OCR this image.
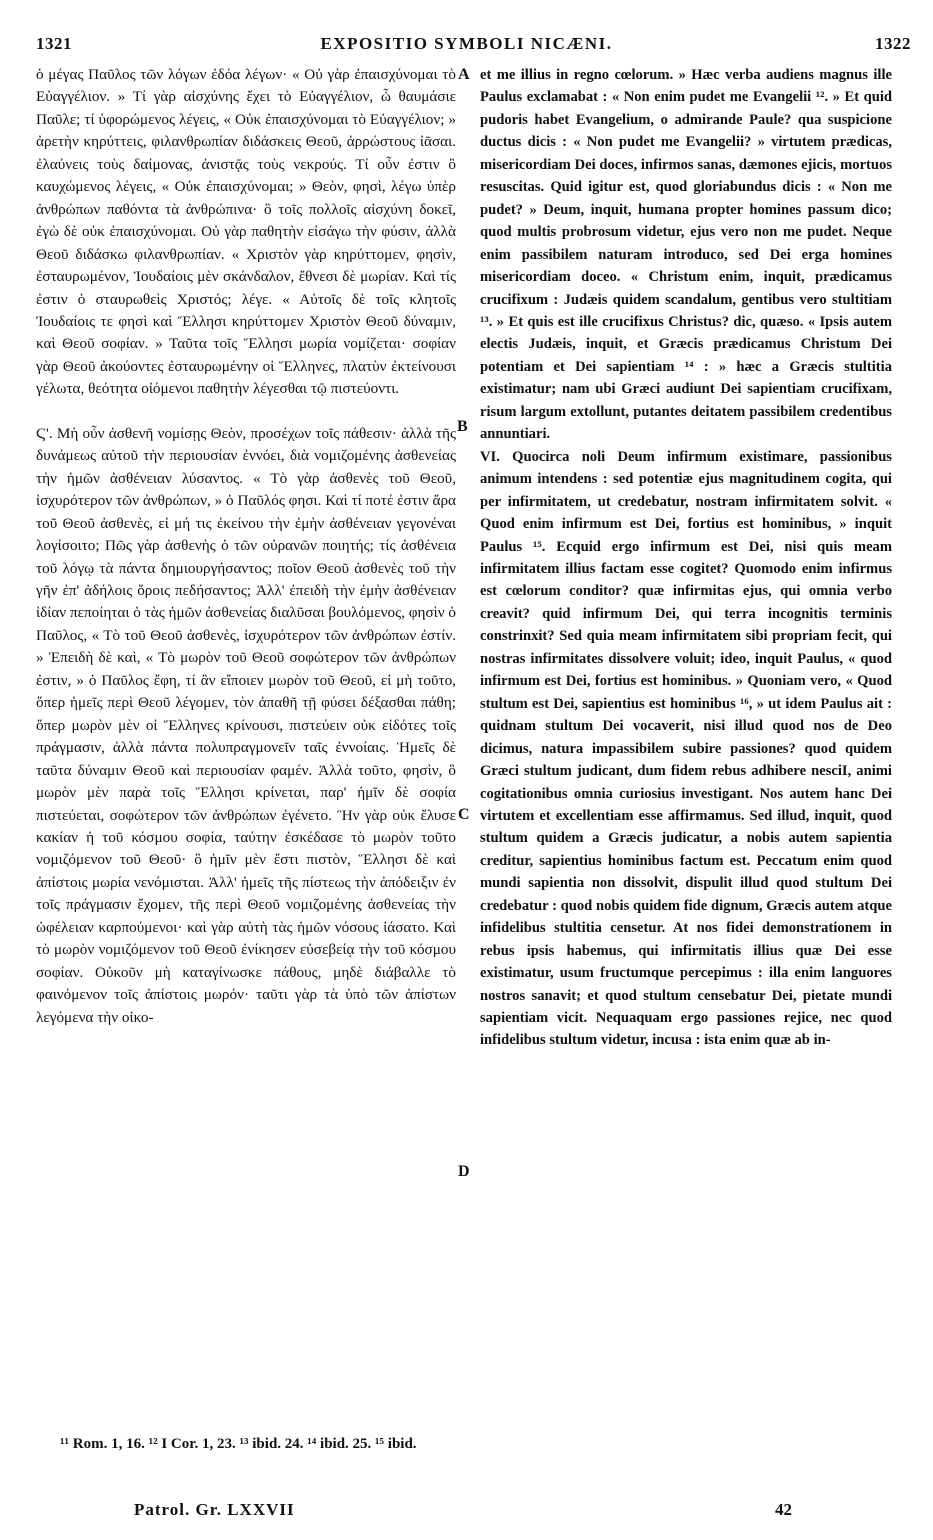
1321	EXPOSITIO SYMBOLI NICÆNI.	1322

ὁ μέγας Παῦλος τῶν λόγων ἐδόα λέγων· « Οὐ γὰρ ἐπαισχύνομαι τὸ Εὐαγγέλιον. » Τί γὰρ αἰσχύνης ἔχει τὸ Εὐαγγέλιον, ὦ θαυμάσιε Παῦλε; τί ὑφορώμενος λέγεις, « Οὐκ ἐπαισχύνομαι τὸ Εὐαγγέλιον; » ἀρετὴν κηρύττεις, φιλανθρωπίαν διδάσκεις Θεοῦ, ἀρρώστους ἰᾶσαι. ἐλαύνεις τοὺς δαίμονας, ἀνιστᾷς τοὺς νεκρούς. Τί οὖν ἐστιν ὃ καυχώμενος λέγεις, « Οὐκ ἐπαισχύνομαι; » Θεὸν, φησὶ, λέγω ὑπὲρ ἀνθρώπων παθόντα τὰ ἀνθρώπινα· ὃ τοῖς πολλοῖς αἰσχύνη δοκεῖ, ἐγὼ δὲ οὐκ ἐπαισχύνομαι. Οὐ γὰρ παθητὴν εἰσάγω τὴν φύσιν, ἀλλὰ Θεοῦ διδάσκω φιλανθρωπίαν. « Χριστὸν γὰρ κηρύττομεν, φησὶν, ἐσταυρωμένον, Ἰουδαίοις μὲν σκάνδαλον, ἔθνεσι δὲ μωρίαν. Καὶ τίς ἐστιν ὁ σταυρωθεὶς Χριστός; λέγε. « Αὐτοῖς δὲ τοῖς κλητοῖς Ἰουδαίοις τε φησὶ καὶ Ἕλλησι κηρύττομεν Χριστὸν Θεοῦ δύναμιν, καὶ Θεοῦ σοφίαν. » Ταῦτα τοῖς Ἕλλησι μωρία νομίζεται· σοφίαν γὰρ Θεοῦ ἀκούοντες ἐσταυρωμένην οἱ Ἕλληνες, πλατὺν ἐκτείνουσι γέλωτα, θεότητα οἰόμενοι παθητὴν λέγεσθαι τῷ πιστεύοντι.

Ϛ'. Μὴ οὖν ἀσθενῆ νομίσῃς Θεὸν, προσέχων τοῖς πάθεσιν· ἀλλὰ τῆς δυνάμεως αὐτοῦ τὴν περιουσίαν ἐννόει, διὰ νομιζομένης ἀσθενείας τὴν ἡμῶν ἀσθένειαν λύσαντος. « Τὸ γὰρ ἀσθενὲς τοῦ Θεοῦ, ἰσχυρότερον τῶν ἀνθρώπων, » ὁ Παῦλός φησι. Καὶ τί ποτέ ἐστιν ἄρα τοῦ Θεοῦ ἀσθενὲς, εἰ μή τις ἐκείνου τὴν ἐμὴν ἀσθένειαν γεγονέναι λογίσοιτο; Πῶς γὰρ ἀσθενὴς ὁ τῶν οὐρανῶν ποιητής; τίς ἀσθένεια τοῦ λόγῳ τὰ πάντα δημιουργήσαντος; ποῖον Θεοῦ ἀσθενὲς τοῦ τὴν γῆν ἐπ' ἀδήλοις ὅροις πεδήσαντος; Ἀλλ' ἐπειδὴ τὴν ἐμὴν ἀσθένειαν ἰδίαν πεποίηται ὁ τὰς ἡμῶν ἀσθενείας διαλῦσαι βουλόμενος, φησὶν ὁ Παῦλος, « Τὸ τοῦ Θεοῦ ἀσθενὲς, ἰσχυρότερον τῶν ἀνθρώπων ἐστίν. » Ἐπειδὴ δὲ καὶ, « Τὸ μωρὸν τοῦ Θεοῦ σοφώτερον τῶν ἀνθρώπων ἐστιν, » ὁ Παῦλος ἔφη, τί ἂν εἴποιεν μωρὸν τοῦ Θεοῦ, εἰ μὴ τοῦτο, ὅπερ ἡμεῖς περὶ Θεοῦ λέγομεν, τὸν ἀπαθῆ τῇ φύσει δέξασθαι πάθη; ὅπερ μωρὸν μὲν οἱ Ἕλληνες κρίνουσι, πιστεύειν οὐκ εἰδότες τοῖς πράγμασιν, ἀλλὰ πάντα πολυπραγμονεῖν ταῖς ἐννοίαις. Ἡμεῖς δὲ ταῦτα δύναμιν Θεοῦ καὶ περιουσίαν φαμέν. Ἀλλὰ τοῦτο, φησὶν, ὃ μωρὸν μὲν παρὰ τοῖς Ἕλλησι κρίνεται, παρ' ἡμῖν δὲ σοφία πιστεύεται, σοφώτερον τῶν ἀνθρώπων ἐγένετο. Ἣν γὰρ οὐκ ἔλυσε κακίαν ἡ τοῦ κόσμου σοφία, ταύτην ἐσκέδασε τὸ μωρὸν τοῦτο νομιζόμενον τοῦ Θεοῦ· ὃ ἡμῖν μὲν ἔστι πιστὸν, Ἕλλησι δὲ καὶ ἀπίστοις μωρία νενόμισται. Ἀλλ' ἡμεῖς τῆς πίστεως τὴν ἀπόδειξιν ἐν τοῖς πράγμασιν ἔχομεν, τῆς περὶ Θεοῦ νομιζομένης ἀσθενείας τὴν ὠφέλειαν καρπούμενοι· καὶ γὰρ αὐτὴ τὰς ἡμῶν νόσους ἰάσατο. Καὶ τὸ μωρὸν νομιζόμενον τοῦ Θεοῦ ἐνίκησεν εὐσεβείᾳ τὴν τοῦ κόσμου σοφίαν. Οὐκοῦν μὴ καταγίνωσκε πάθους, μηδὲ διάβαλλε τὸ φαινόμενον τοῖς ἀπίστοις μωρόν· ταῦτι γὰρ τὰ ὑπὸ τῶν ἀπίστων λεγόμενα τὴν οἰκο-

A
B
C
D

et me illius in regno cœlorum. » Hæc verba audiens magnus ille Paulus exclamabat : « Non enim pudet me Evangelii ¹². » Et quid pudoris habet Evangelium, o admirande Paule? qua suspicione ductus dicis : « Non pudet me Evangelii? » virtutem prædicas, misericordiam Dei doces, infirmos sanas, dæmones ejicis, mortuos resuscitas. Quid igitur est, quod gloriabundus dicis : « Non me pudet? » Deum, inquit, humana propter homines passum dico; quod multis probrosum videtur, ejus vero non me pudet. Neque enim passibilem naturam introduco, sed Dei erga homines misericordiam doceo. « Christum enim, inquit, prædicamus crucifixum : Judæis quidem scandalum, gentibus vero stultitiam ¹³. » Et quis est ille crucifixus Christus? dic, quæso. « Ipsis autem electis Judæis, inquit, et Græcis prædicamus Christum Dei potentiam et Dei sapientiam ¹⁴ : » hæc a Græcis stultitia existimatur; nam ubi Græci audiunt Dei sapientiam crucifixam, risum largum extollunt, putantes deitatem passibilem credentibus annuntiari.

VI. Quocirca noli Deum infirmum existimare, passionibus animum intendens : sed potentiæ ejus magnitudinem cogita, qui per infirmitatem, ut credebatur, nostram infirmitatem solvit. « Quod enim infirmum est Dei, fortius est hominibus, » inquit Paulus ¹⁵. Ecquid ergo infirmum est Dei, nisi quis meam infirmitatem illius factam esse cogitet? Quomodo enim infirmus est cœlorum conditor? quæ infirmitas ejus, qui omnia verbo creavit? quid infirmum Dei, qui terra incognitis terminis constrinxit? Sed quia meam infirmitatem sibi propriam fecit, qui nostras infirmitates dissolvere voluit; ideo, inquit Paulus, « quod infirmum est Dei, fortius est hominibus. » Quoniam vero, « Quod stultum est Dei, sapientius est hominibus ¹⁶, » ut idem Paulus ait : quidnam stultum Dei vocaverit, nisi illud quod nos de Deo dicimus, natura impassibilem subire passiones? quod quidem Græci stultum judicant, dum fidem rebus adhibere nesciI, animi cogitationibus omnia curiosius investigant. Nos autem hanc Dei virtutem et excellentiam esse affirmamus. Sed illud, inquit, quod stultum quidem a Græcis judicatur, a nobis autem sapientia creditur, sapientius hominibus factum est. Peccatum enim quod mundi sapientia non dissolvit, dispulit illud quod stultum Dei credebatur : quod nobis quidem fide dignum, Græcis autem atque infidelibus stultitia censetur. At nos fidei demonstrationem in rebus ipsis habemus, qui infirmitatis illius quæ Dei esse existimatur, usum fructumque percepimus : illa enim languores nostros sanavit; et quod stultum censebatur Dei, pietate mundi sapientiam vicit. Nequaquam ergo passiones rejice, nec quod infidelibus stultum videtur, incusa : ista enim quæ ab in-

¹¹ Rom. 1, 16. ¹² I Cor. 1, 23. ¹³ ibid. 24. ¹⁴ ibid. 25. ¹⁵ ibid.
Patrol. Gr. LXXVII	42
